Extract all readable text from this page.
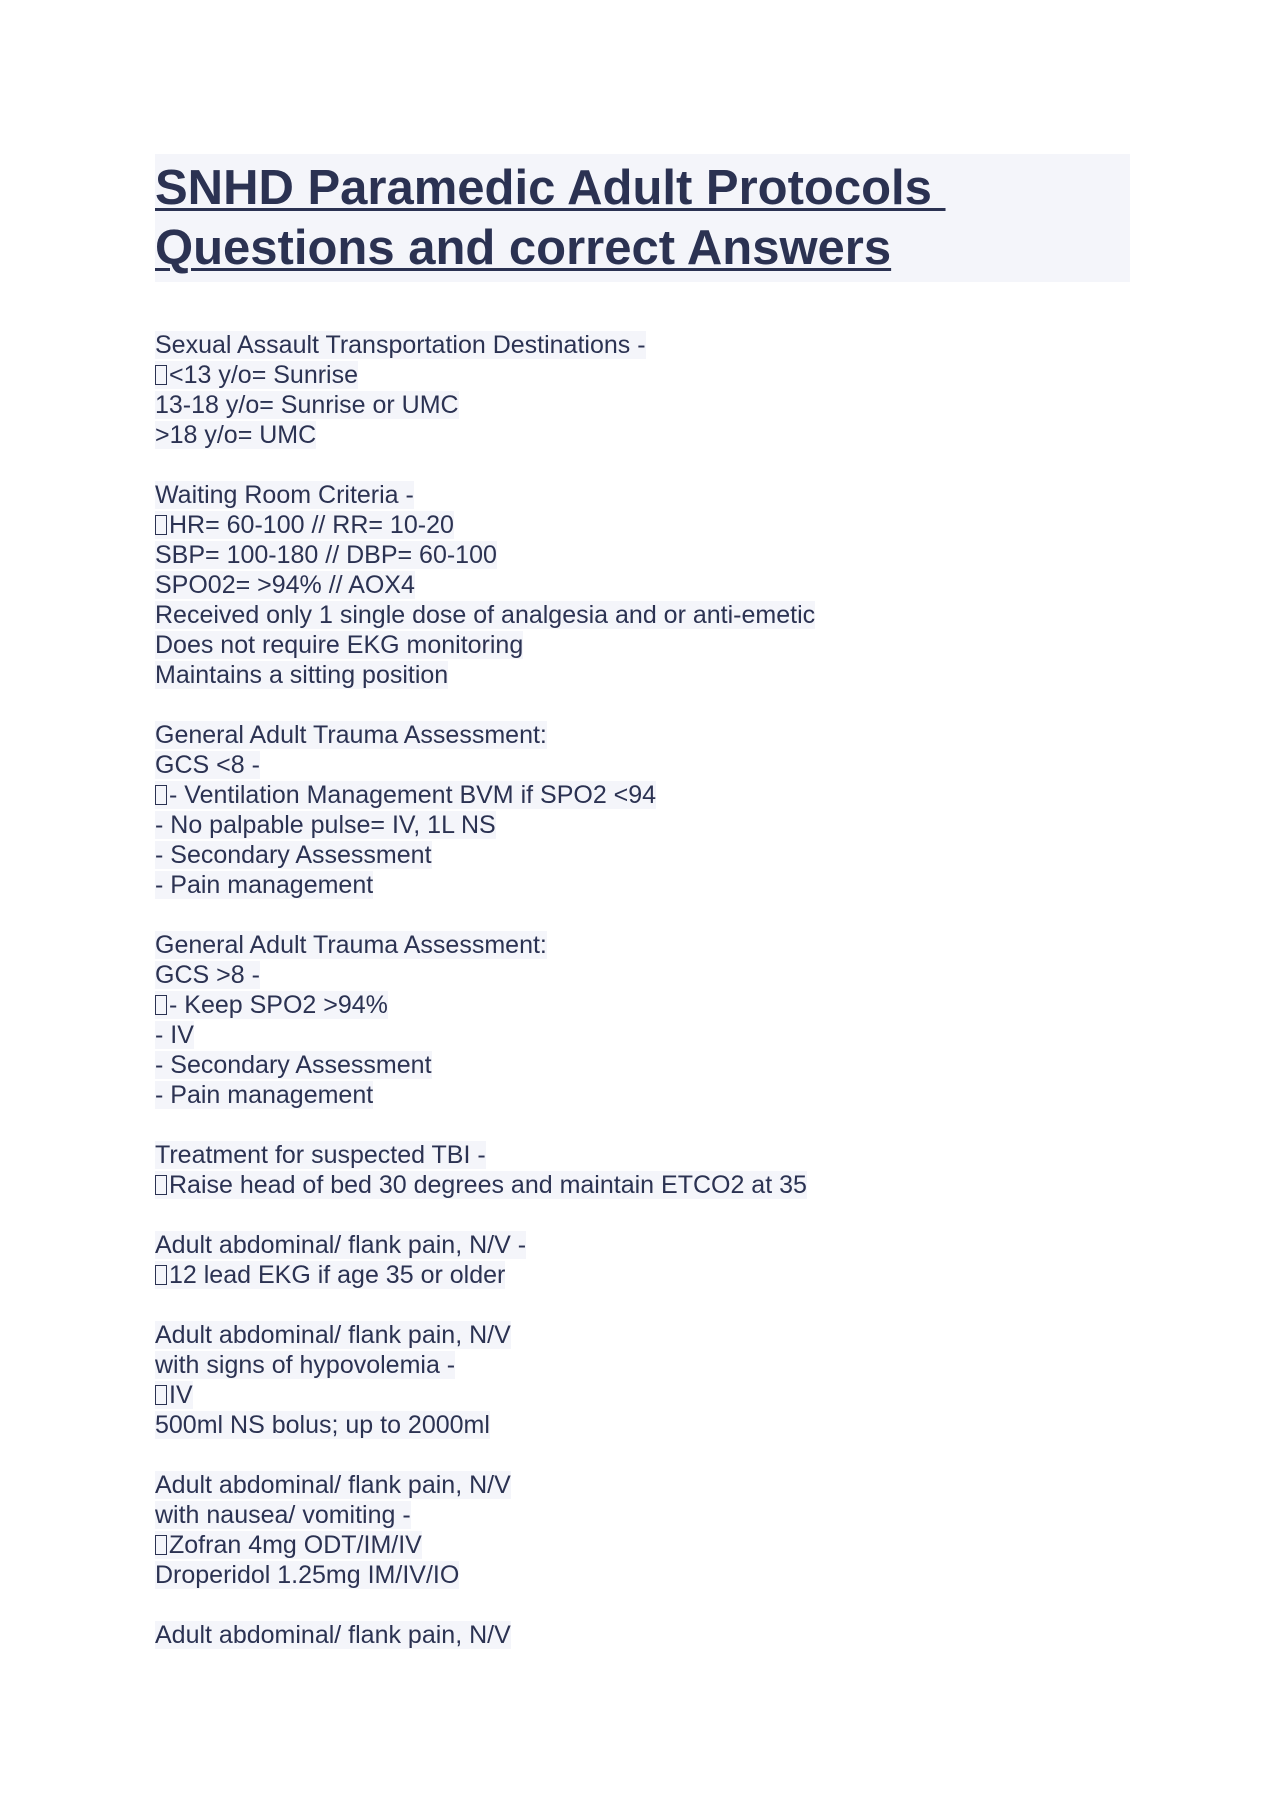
SNHD Paramedic Adult Protocols
Questions and correct Answers
Sexual Assault Transportation Destinations -
<13 y/o= Sunrise
13-18 y/o= Sunrise or UMC
>18 y/o= UMC
Waiting Room Criteria -
HR= 60-100 // RR= 10-20
SBP= 100-180 // DBP= 60-100
SPO02= >94% // AOX4
Received only 1 single dose of analgesia and or anti-emetic
Does not require EKG monitoring
Maintains a sitting position
General Adult Trauma Assessment:
GCS <8 -
- Ventilation Management BVM if SPO2 <94
- No palpable pulse= IV, 1L NS
- Secondary Assessment
- Pain management
General Adult Trauma Assessment:
GCS >8 -
- Keep SPO2 >94%
- IV
- Secondary Assessment
- Pain management
Treatment for suspected TBI -
Raise head of bed 30 degrees and maintain ETCO2 at 35
Adult abdominal/ flank pain, N/V -
12 lead EKG if age 35 or older
Adult abdominal/ flank pain, N/V
with signs of hypovolemia -
IV
500ml NS bolus; up to 2000ml
Adult abdominal/ flank pain, N/V
with nausea/ vomiting -
Zofran 4mg ODT/IM/IV
Droperidol 1.25mg IM/IV/IO
Adult abdominal/ flank pain, N/V
